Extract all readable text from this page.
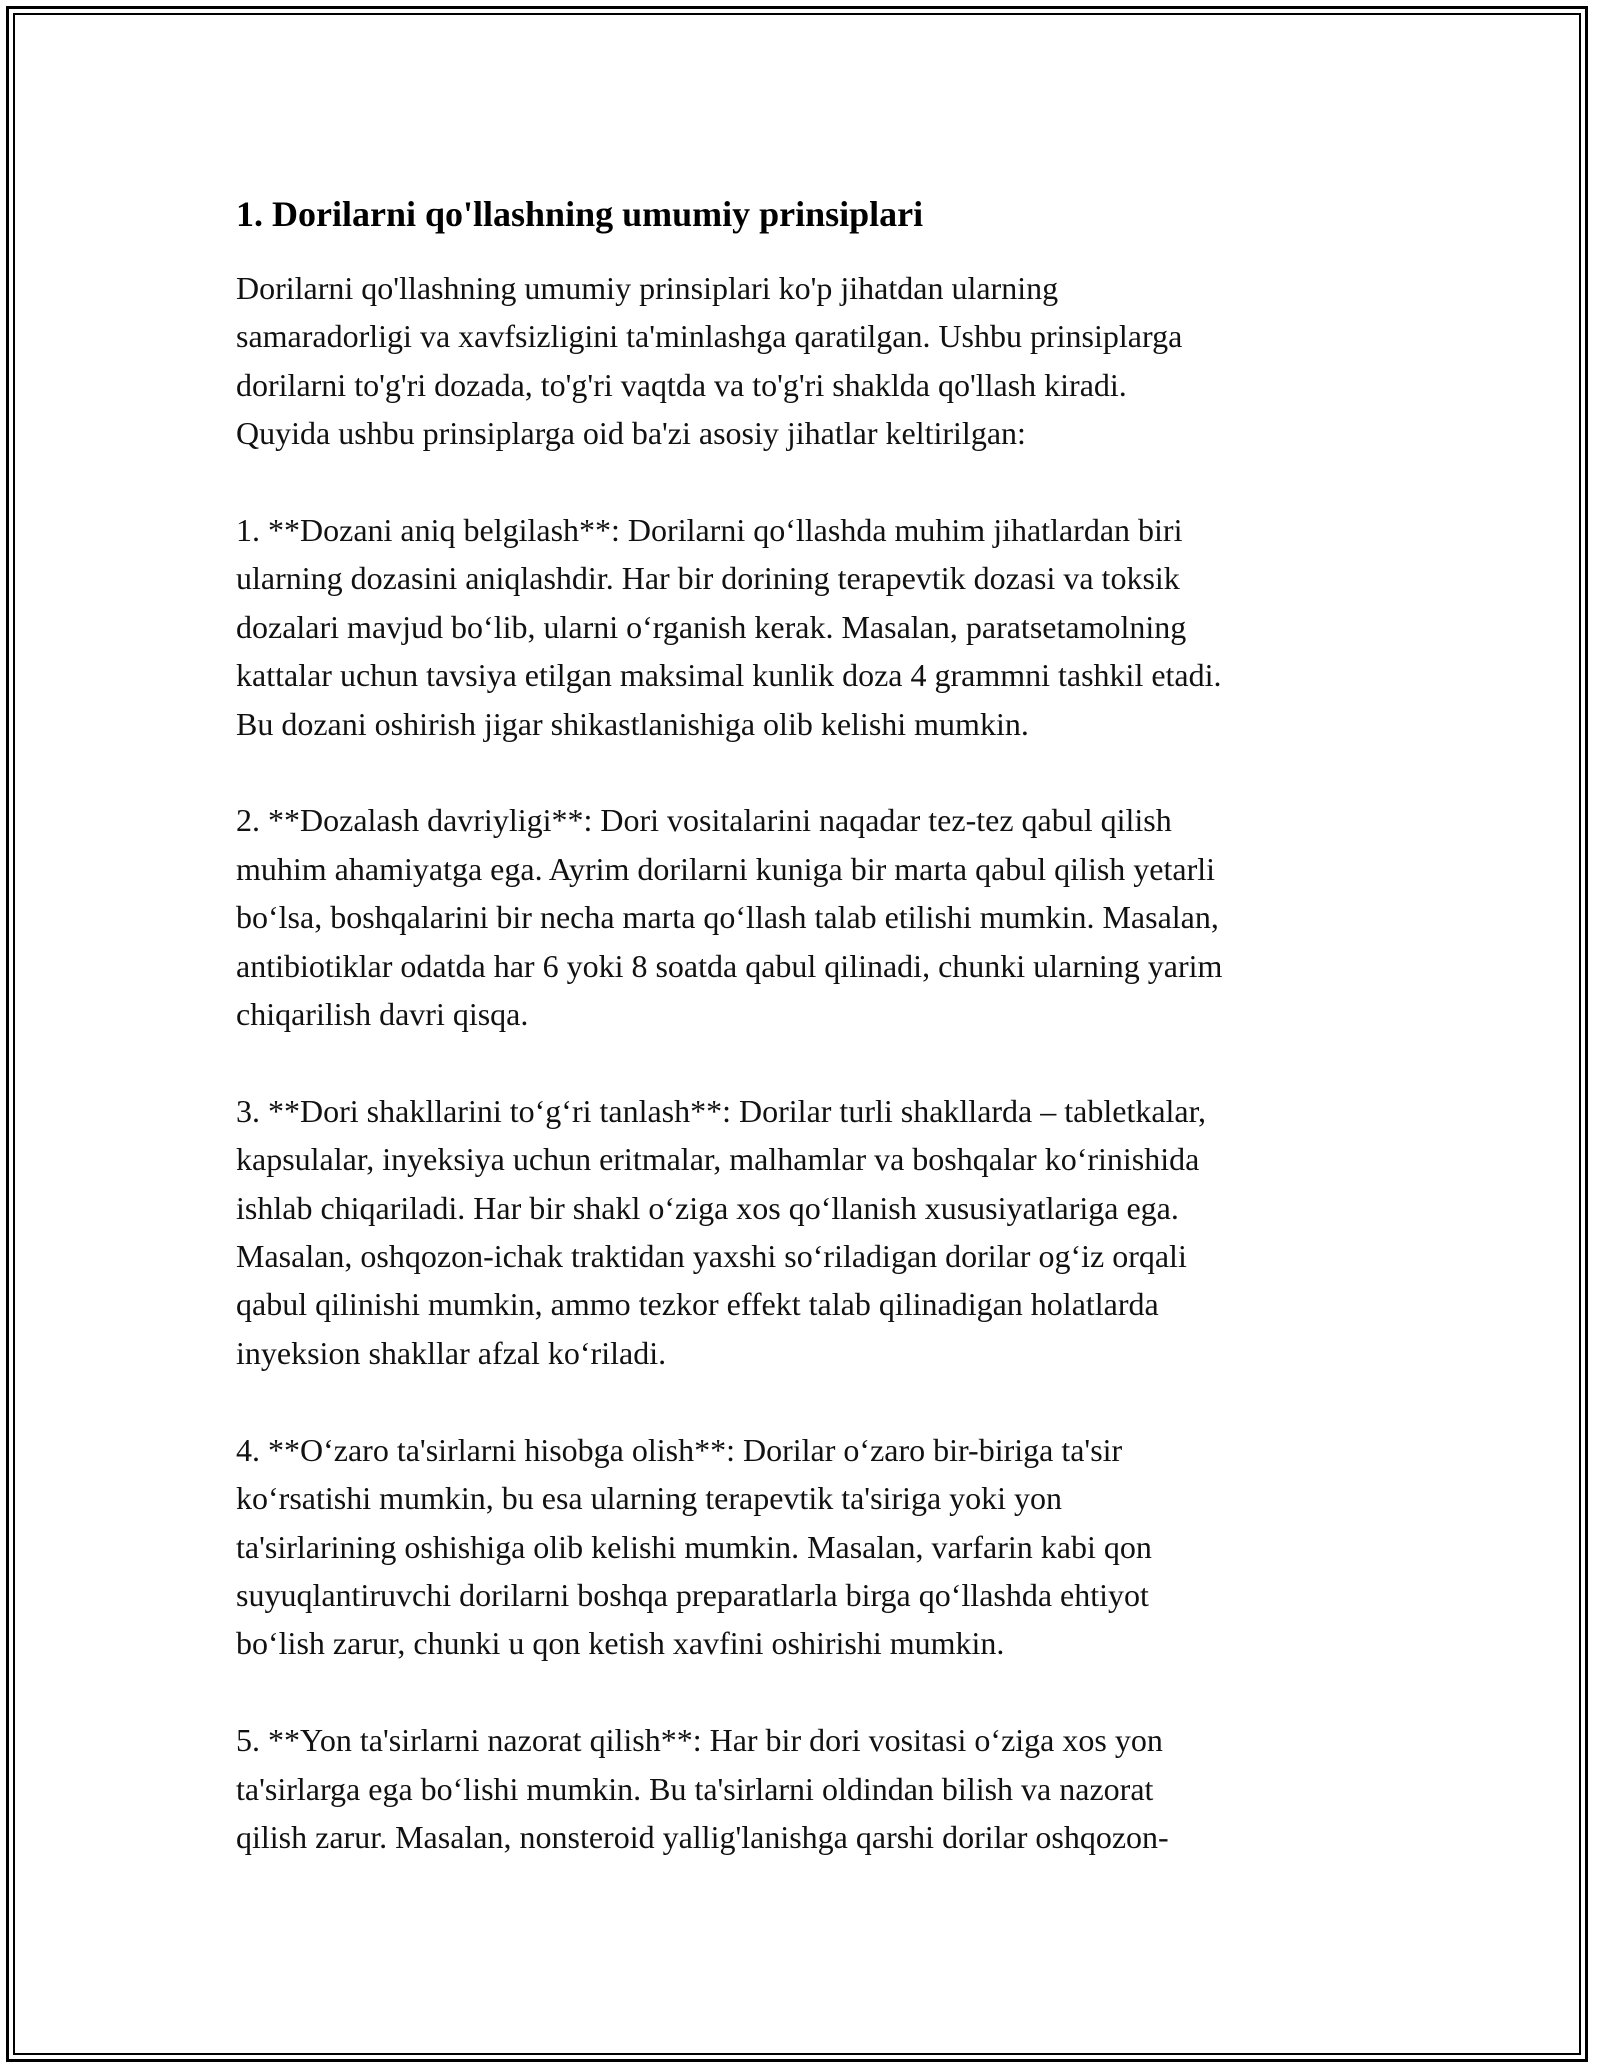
1. Dorilarni qo'llashning umumiy prinsiplari

Dorilarni qo'llashning umumiy prinsiplari ko'p jihatdan ularning
samaradorligi va xavfsizligini ta'minlashga qaratilgan. Ushbu prinsiplarga
dorilarni to'g'ri dozada, to'g'ri vaqtda va to'g'ri shaklda qo'llash kiradi.
Quyida ushbu prinsiplarga oid ba'zi asosiy jihatlar keltirilgan:

1. **Dozani aniq belgilash**: Dorilarni qo‘llashda muhim jihatlardan biri
ularning dozasini aniqlashdir. Har bir dorining terapevtik dozasi va toksik
dozalari mavjud bo‘lib, ularni o‘rganish kerak. Masalan, paratsetamolning
kattalar uchun tavsiya etilgan maksimal kunlik doza 4 grammni tashkil etadi.
Bu dozani oshirish jigar shikastlanishiga olib kelishi mumkin.

2. **Dozalash davriyligi**: Dori vositalarini naqadar tez-tez qabul qilish
muhim ahamiyatga ega. Ayrim dorilarni kuniga bir marta qabul qilish yetarli
bo‘lsa, boshqalarini bir necha marta qo‘llash talab etilishi mumkin. Masalan,
antibiotiklar odatda har 6 yoki 8 soatda qabul qilinadi, chunki ularning yarim
chiqarilish davri qisqa.

3. **Dori shakllarini to‘g‘ri tanlash**: Dorilar turli shakllarda – tabletkalar,
kapsulalar, inyeksiya uchun eritmalar, malhamlar va boshqalar ko‘rinishida
ishlab chiqariladi. Har bir shakl o‘ziga xos qo‘llanish xususiyatlariga ega.
Masalan, oshqozon-ichak traktidan yaxshi so‘riladigan dorilar og‘iz orqali
qabul qilinishi mumkin, ammo tezkor effekt talab qilinadigan holatlarda
inyeksion shakllar afzal ko‘riladi.

4. **O‘zaro ta'sirlarni hisobga olish**: Dorilar o‘zaro bir-biriga ta'sir
ko‘rsatishi mumkin, bu esa ularning terapevtik ta'siriga yoki yon
ta'sirlarining oshishiga olib kelishi mumkin. Masalan, varfarin kabi qon
suyuqlantiruvchi dorilarni boshqa preparatlarla birga qo‘llashda ehtiyot
bo‘lish zarur, chunki u qon ketish xavfini oshirishi mumkin.

5. **Yon ta'sirlarni nazorat qilish**: Har bir dori vositasi o‘ziga xos yon
ta'sirlarga ega bo‘lishi mumkin. Bu ta'sirlarni oldindan bilish va nazorat
qilish zarur. Masalan, nonsteroid yallig'lanishga qarshi dorilar oshqozon-
